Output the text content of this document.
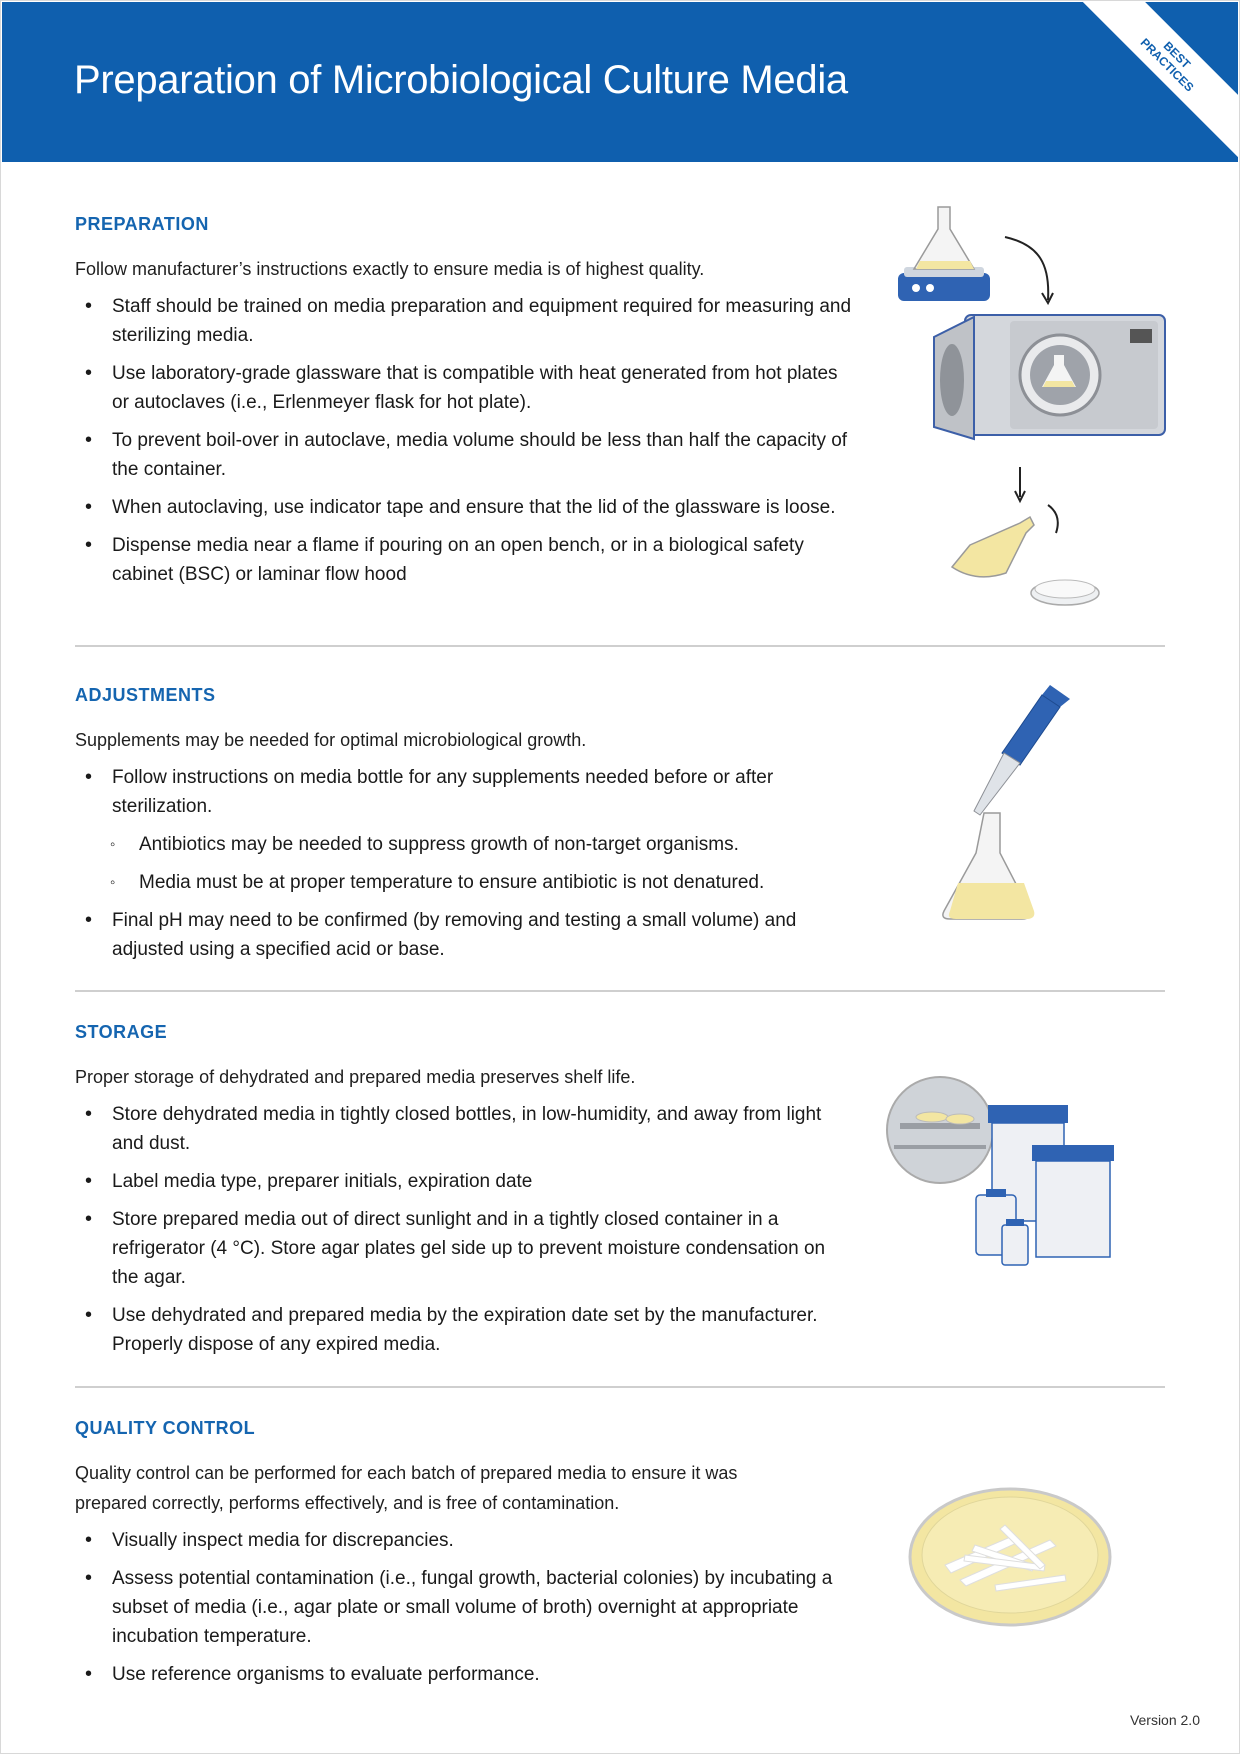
Preparation of Microbiological Culture Media
BEST
PRACTICES
PREPARATION
Follow manufacturer’s instructions exactly to ensure media is of highest quality.
• Staff should be trained on media preparation and equipment required for measuring and sterilizing media.
• Use laboratory-grade glassware that is compatible with heat generated from hot plates or autoclaves (i.e., Erlenmeyer flask for hot plate).
• To prevent boil-over in autoclave, media volume should be less than half the capacity of the container.
• When autoclaving, use indicator tape and ensure that the lid of the glassware is loose.
• Dispense media near a flame if pouring on an open bench, or in a biological safety cabinet (BSC) or laminar flow hood
ADJUSTMENTS
Supplements may be needed for optimal microbiological growth.
• Follow instructions on media bottle for any supplements needed before or after sterilization.
◦ Antibiotics may be needed to suppress growth of non-target organisms.
◦ Media must be at proper temperature to ensure antibiotic is not denatured.
• Final pH may need to be confirmed (by removing and testing a small volume) and adjusted using a specified acid or base.
STORAGE
Proper storage of dehydrated and prepared media preserves shelf life.
• Store dehydrated media in tightly closed bottles, in low-humidity, and away from light and dust.
• Label media type, preparer initials, expiration date
• Store prepared media out of direct sunlight and in a tightly closed container in a refrigerator (4 °C). Store agar plates gel side up to prevent moisture condensation on the agar.
• Use dehydrated and prepared media by the expiration date set by the manufacturer. Properly dispose of any expired media.
QUALITY CONTROL
Quality control can be performed for each batch of prepared media to ensure it was prepared correctly, performs effectively, and is free of contamination.
• Visually inspect media for discrepancies.
• Assess potential contamination (i.e., fungal growth, bacterial colonies) by incubating a subset of media (i.e., agar plate or small volume of broth) overnight at appropriate incubation temperature.
• Use reference organisms to evaluate performance.
Version 2.0
